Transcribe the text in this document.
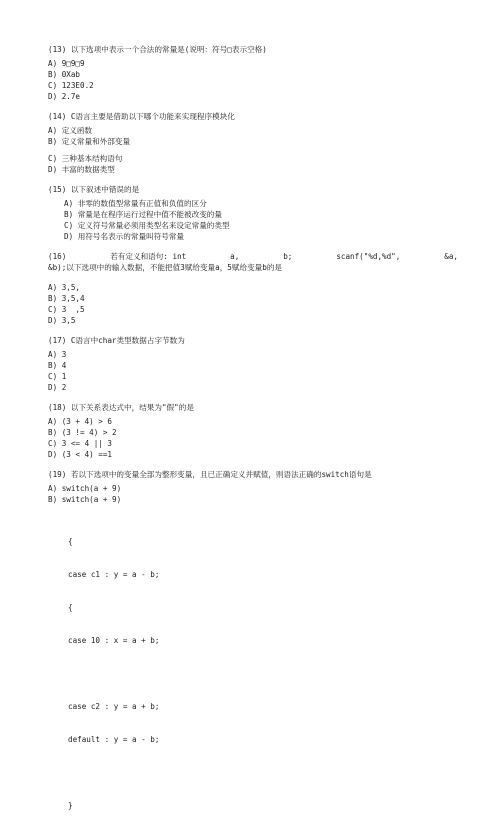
(13) 以下选项中表示一个合法的常量是(说明：符号□表示空格)
A) 9□9□9
B) 0Xab
C) 123E0.2
D) 2.7e
(14) C语言主要是借助以下哪个功能来实现程序模块化
A) 定义函数
B) 定义常量和外部变量
C) 三种基本结构语句
D) 丰富的数据类型
(15) 以下叙述中错误的是
A) 非零的数值型常量有正值和负值的区分
B) 常量是在程序运行过程中值不能被改变的量
C) 定义符号常量必须用类型名来设定常量的类型
D) 用符号名表示的常量叫符号常量
(16)	若有定义和语句: int	a,	b;	scanf("%d,%d",	&a,
&b);以下选项中的输入数据，不能把值3赋给变量a，5赋给变量b的是
A) 3,5,
B) 3,5,4
C) 3  ,5
D) 3,5
(17) C语言中char类型数据占字节数为
A) 3
B) 4
C) 1
D) 2
(18) 以下关系表达式中，结果为"假"的是
A) (3 + 4) > 6
B) (3 != 4) > 2
C) 3 <= 4 || 3
D) (3 < 4) ==1
(19) 若以下选项中的变量全部为整形变量，且已正确定义并赋值，则语法正确的switch语句是
A) switch(a + 9)
B) switch(a + 9)

{

case c1 : y = a - b;

{

case 10 : x = a + b;

case c2 : y = a + b;

default : y = a - b;

}
